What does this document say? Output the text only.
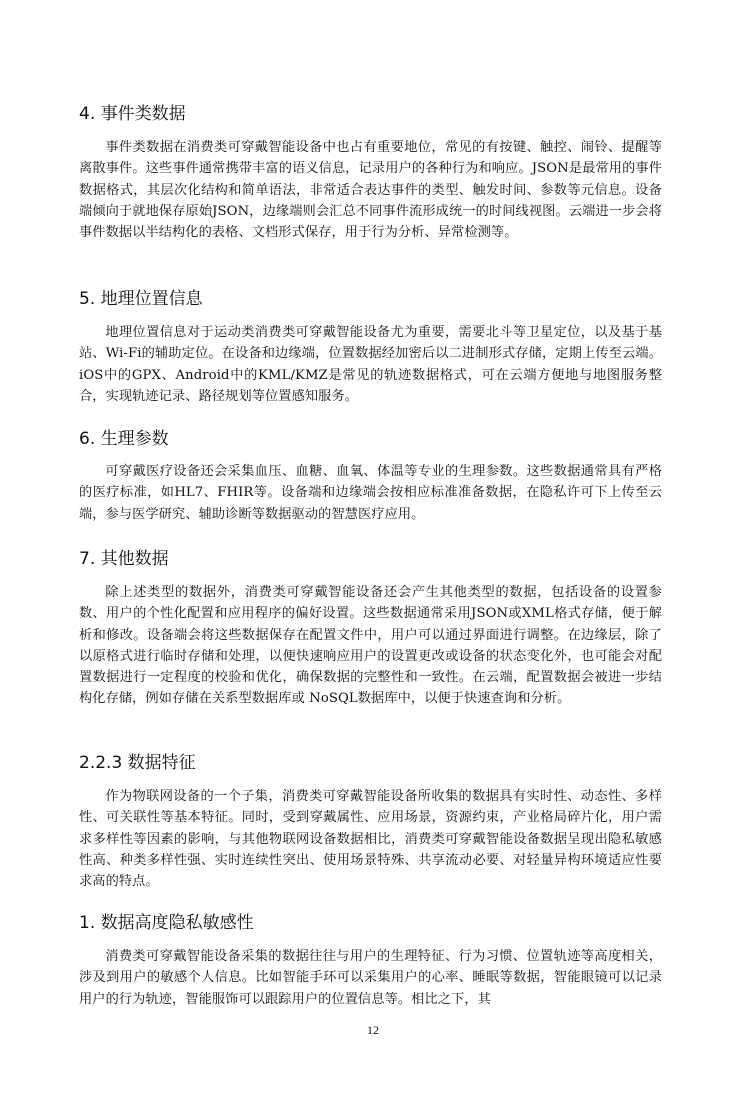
4. 事件类数据

事件类数据在消费类可穿戴智能设备中也占有重要地位，常见的有按键、触控、闹铃、提醒等离散事件。这些事件通常携带丰富的语义信息，记录用户的各种行为和响应。JSON是最常用的事件数据格式，其层次化结构和简单语法，非常适合表达事件的类型、触发时间、参数等元信息。设备端倾向于就地保存原始JSON，边缘端则会汇总不同事件流形成统一的时间线视图。云端进一步会将事件数据以半结构化的表格、文档形式保存，用于行为分析、异常检测等。

5. 地理位置信息

地理位置信息对于运动类消费类可穿戴智能设备尤为重要，需要北斗等卫星定位，以及基于基站、Wi-Fi的辅助定位。在设备和边缘端，位置数据经加密后以二进制形式存储，定期上传至云端。iOS中的GPX、Android中的KML/KMZ是常见的轨迹数据格式，可在云端方便地与地图服务整合，实现轨迹记录、路径规划等位置感知服务。

6. 生理参数

可穿戴医疗设备还会采集血压、血糖、血氧、体温等专业的生理参数。这些数据通常具有严格的医疗标准，如HL7、FHIR等。设备端和边缘端会按相应标准准备数据，在隐私许可下上传至云端，参与医学研究、辅助诊断等数据驱动的智慧医疗应用。

7. 其他数据

除上述类型的数据外，消费类可穿戴智能设备还会产生其他类型的数据，包括设备的设置参数、用户的个性化配置和应用程序的偏好设置。这些数据通常采用JSON或XML格式存储，便于解析和修改。设备端会将这些数据保存在配置文件中，用户可以通过界面进行调整。在边缘层，除了以原格式进行临时存储和处理，以便快速响应用户的设置更改或设备的状态变化外，也可能会对配置数据进行一定程度的校验和优化，确保数据的完整性和一致性。在云端，配置数据会被进一步结构化存储，例如存储在关系型数据库或 NoSQL数据库中，以便于快速查询和分析。

2.2.3 数据特征

作为物联网设备的一个子集，消费类可穿戴智能设备所收集的数据具有实时性、动态性、多样性、可关联性等基本特征。同时，受到穿戴属性、应用场景，资源约束，产业格局碎片化，用户需求多样性等因素的影响，与其他物联网设备数据相比，消费类可穿戴智能设备数据呈现出隐私敏感性高、种类多样性强、实时连续性突出、使用场景特殊、共享流动必要、对轻量异构环境适应性要求高的特点。

1. 数据高度隐私敏感性

消费类可穿戴智能设备采集的数据往往与用户的生理特征、行为习惯、位置轨迹等高度相关，涉及到用户的敏感个人信息。比如智能手环可以采集用户的心率、睡眠等数据，智能眼镜可以记录用户的行为轨迹，智能服饰可以跟踪用户的位置信息等。相比之下，其

12
